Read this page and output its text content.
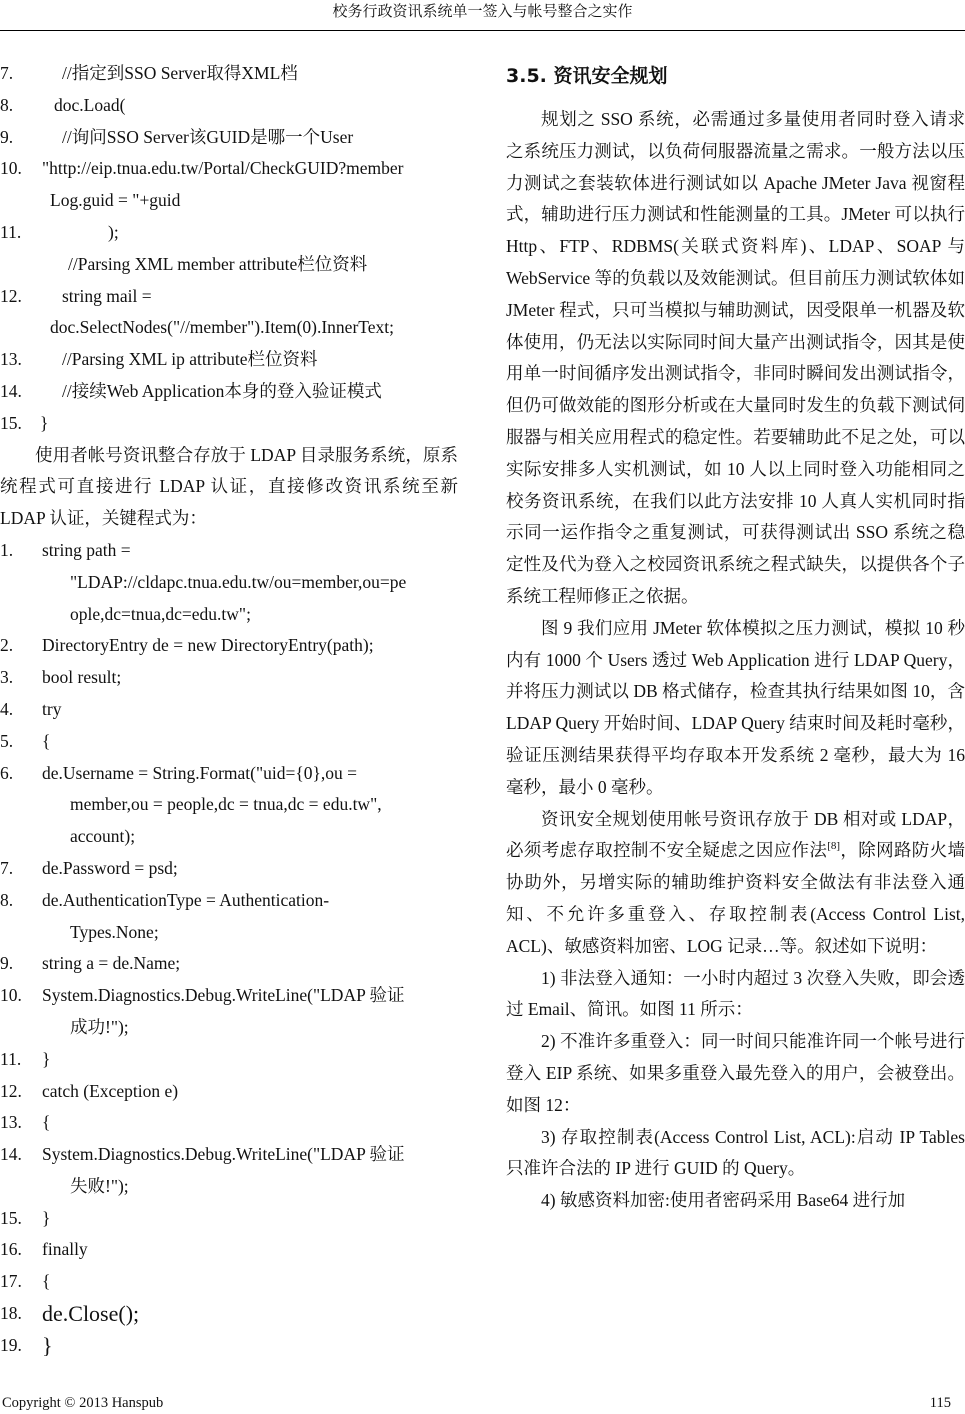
校务行政资讯系统单一签入与帐号整合之实作
7.	//指定到SSO Server取得XML档
8. doc.Load(
9.	//询问SSO Server该GUID是哪一个User
10. "http://eip.tnua.edu.tw/Portal/CheckGUID?member
Log.guid = "+guid
11.	);
//Parsing XML member attribute栏位资料
12. string mail =
doc.SelectNodes("//member").Item(0).InnerText;
13. //Parsing XML ip attribute栏位资料
14. //接续Web Application本身的登入验证模式
15. }

使用者帐号资讯整合存放于 LDAP 目录服务系统，原系统程式可直接进行 LDAP 认证，直接修改资讯系统至新 LDAP 认证，关键程式为：

1. string path =
"LDAP://cldapc.tnua.edu.tw/ou=member,ou=pe
ople,dc=tnua,dc=edu.tw";
2. DirectoryEntry de = new DirectoryEntry(path);
3. bool result;
4. try
5. {
6. de.Username = String.Format("uid={0},ou =
member,ou = people,dc = tnua,dc = edu.tw",
account);
7. de.Password = psd;
8. de.AuthenticationType = Authentication-
Types.None;
9. string a = de.Name;
10. System.Diagnostics.Debug.WriteLine("LDAP 验证
成功!");
11. }
12. catch (Exception e)
13. {
14. System.Diagnostics.Debug.WriteLine("LDAP 验证
失败!");
15. }
16. finally
17. {
18. de.Close();
19. }
3.5. 资讯安全规划

规划之 SSO 系统，必需通过多量使用者同时登入请求之系统压力测试，以负荷伺服器流量之需求。一般方法以压力测试之套装软体进行测试如以 Apache JMeter Java 视窗程式，辅助进行压力测试和性能测量的工具。JMeter 可以执行 Http、FTP、RDBMS(关联式资料库)、LDAP、SOAP 与 WebService 等的负载以及效能测试。但目前压力测试软体如 JMeter 程式，只可当模拟与辅助测试，因受限单一机器及软体使用，仍无法以实际同时间大量产出测试指令，因其是使用单一时间循序发出测试指令，非同时瞬间发出测试指令，但仍可做效能的图形分析或在大量同时发生的负载下测试伺服器与相关应用程式的稳定性。若要辅助此不足之处，可以实际安排多人实机测试，如 10 人以上同时登入功能相同之校务资讯系统，在我们以此方法安排 10 人真人实机同时指示同一运作指令之重复测试，可获得测试出 SSO 系统之稳定性及代为登入之校园资讯系统之程式缺失，以提供各个子系统工程师修正之依据。

图 9 我们应用 JMeter 软体模拟之压力测试，模拟 10 秒内有 1000 个 Users 透过 Web Application 进行 LDAP Query，并将压力测试以 DB 格式储存，检查其执行结果如图 10，含 LDAP Query 开始时间、LDAP Query 结束时间及耗时毫秒，验证压测结果获得平均存取本开发系统 2 毫秒，最大为 16 毫秒，最小 0 毫秒。

资讯安全规划使用帐号资讯存放于 DB 相对或 LDAP，必须考虑存取控制不安全疑虑之因应作法[8]，除网路防火墙协助外，另增实际的辅助维护资料安全做法有非法登入通知、不允许多重登入、存取控制表(Access Control List, ACL)、敏感资料加密、LOG 记录…等。叙述如下说明：

1) 非法登入通知：一小时内超过 3 次登入失败，即会透过 Email、简讯。如图 11 所示：

2) 不准许多重登入：同一时间只能准许同一个帐号进行登入 EIP 系统、如果多重登入最先登入的用户，会被登出。如图 12：

3) 存取控制表(Access Control List, ACL):启动 IP Tables 只准许合法的 IP 进行 GUID 的 Query。

4) 敏感资料加密:使用者密码采用 Base64 进行加

Copyright © 2013 Hanspub	115
